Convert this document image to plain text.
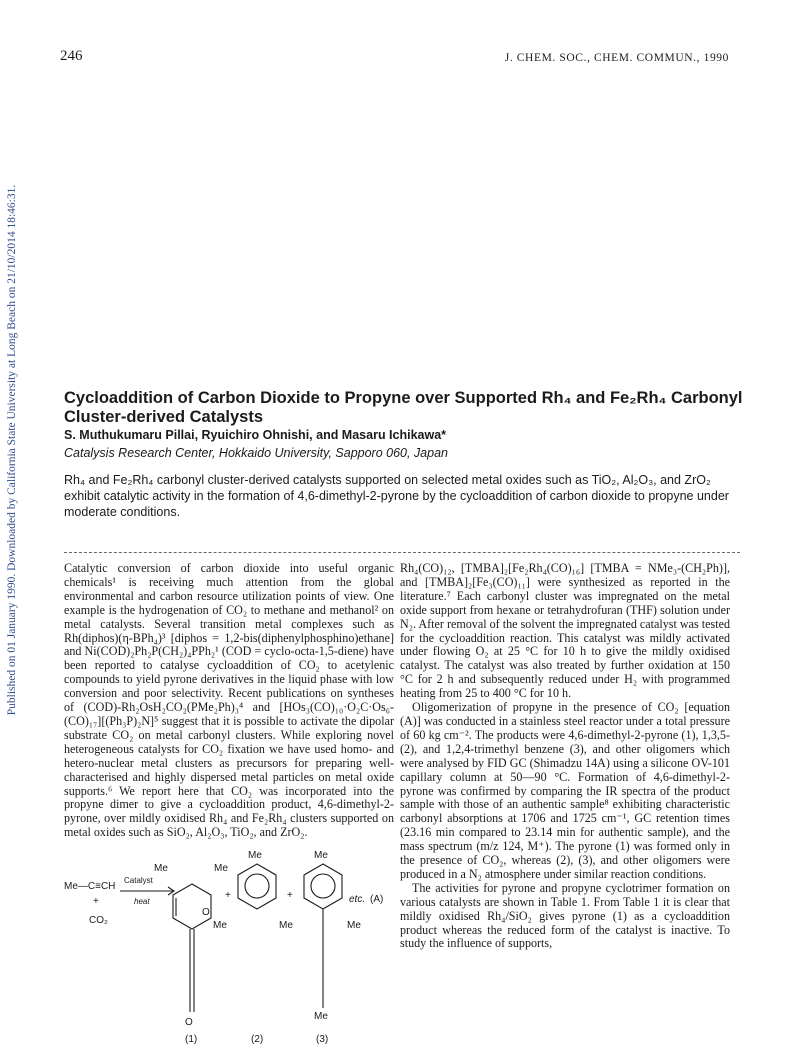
246	J. CHEM. SOC., CHEM. COMMUN., 1990
Published on 01 January 1990. Downloaded by California State University at Long Beach on 21/10/2014 18:46:31.	Cycloaddition of Carbon Dioxide to Propyne over Supported Rh₄ and Fe₂Rh₄ Carbonyl Cluster-derived Catalysts
S. Muthukumaru Pillai, Ryuichiro Ohnishi, and Masaru Ichikawa*
Catalysis Research Center, Hokkaido University, Sapporo 060, Japan
Rh₄ and Fe₂Rh₄ carbonyl cluster-derived catalysts supported on selected metal oxides such as TiO₂, Al₂O₃, and ZrO₂ exhibit catalytic activity in the formation of 4,6-dimethyl-2-pyrone by the cycloaddition of carbon dioxide to propyne under moderate conditions.

Catalytic conversion of carbon dioxide into useful organic chemicals¹ is receiving much attention from the global environmental and carbon resource utilization points of view. One example is the hydrogenation of CO₂ to methane and methanol² on metal catalysts. Several transition metal complexes such as Rh(diphos)(η-BPh₄)³ [diphos = 1,2-bis(diphenylphosphino)ethane] and Ni(COD)₂Ph₂P(CH₂)₄PPh₂¹ (COD = cyclo-octa-1,5-diene) have been reported to catalyse cycloaddition of CO₂ to acetylenic compounds to yield pyrone derivatives in the liquid phase with low conversion and poor selectivity. Recent publications on syntheses of (COD)-Rh₂OsH₂CO₂(PMe₂Ph)₃⁴ and [HOs₃(CO)₁₀·O₂C·Os₆-(CO)₁₇][(Ph₃P)₂N]⁵ suggest that it is possible to activate the dipolar substrate CO₂ on metal carbonyl clusters. While exploring novel heterogeneous catalysts for CO₂ fixation we have used homo- and hetero-nuclear metal clusters as precursors for preparing well-characterised and highly dispersed metal particles on metal oxide supports.⁶ We report here that CO₂ was incorporated into the propyne dimer to give a cycloaddition product, 4,6-dimethyl-2-pyrone, over mildly oxidised Rh₄ and Fe₂Rh₄ clusters supported on metal oxides such as SiO₂, Al₂O₃, TiO₂, and ZrO₂.

Rh₄(CO)₁₂, [TMBA]₂[Fe₂Rh₄(CO)₁₆] [TMBA = NMe₃-(CH₂Ph)], and [TMBA]₂[Fe₃(CO)₁₁] were synthesized as reported in the literature.⁷ Each carbonyl cluster was impregnated on the metal oxide support from hexane or tetrahydrofuran (THF) solution under N₂. After removal of the solvent the impregnated catalyst was tested for the cycloaddition reaction. This catalyst was mildly activated under flowing O₂ at 25 °C for 10 h to give the mildly oxidised catalyst. The catalyst was also treated by further oxidation at 150 °C for 2 h and subsequently reduced under H₂ with programmed heating from 25 to 400 °C for 10 h.

Oligomerization of propyne in the presence of CO₂ [equation (A)] was conducted in a stainless steel reactor under a total pressure of 60 kg cm⁻². The products were 4,6-dimethyl-2-pyrone (1), 1,3,5- (2), and 1,2,4-trimethyl benzene (3), and other oligomers which were analysed by FID GC (Shimadzu 14A) using a silicone OV-101 capillary column at 50—90 °C. Formation of 4,6-dimethyl-2-pyrone was confirmed by comparing the IR spectra of the product sample with those of an authentic sample⁸ exhibiting characteristic carbonyl absorptions at 1706 and 1725 cm⁻¹, GC retention times (23.16 min compared to 23.14 min for authentic sample), and the mass spectrum (m/z 124, M⁺). The pyrone (1) was formed only in the presence of CO₂, whereas (2), (3), and other oligomers were produced in a N₂ atmosphere under similar reaction conditions.

The activities for pyrone and propyne cyclotrimer formation on various catalysts are shown in Table 1. From Table 1 it is clear that mildly oxidised Rh₄/SiO₂ gives pyrone (1) as a cycloaddition product whereas the reduced form of the catalyst is inactive. To study the influence of supports,

Me—C≡CH
+
CO₂
Catalyst
heat
Me
O
Me
(1)
+
Me
Me	Me
(2)
+
Me
Me
Me
(3)
etc. (A)
O
